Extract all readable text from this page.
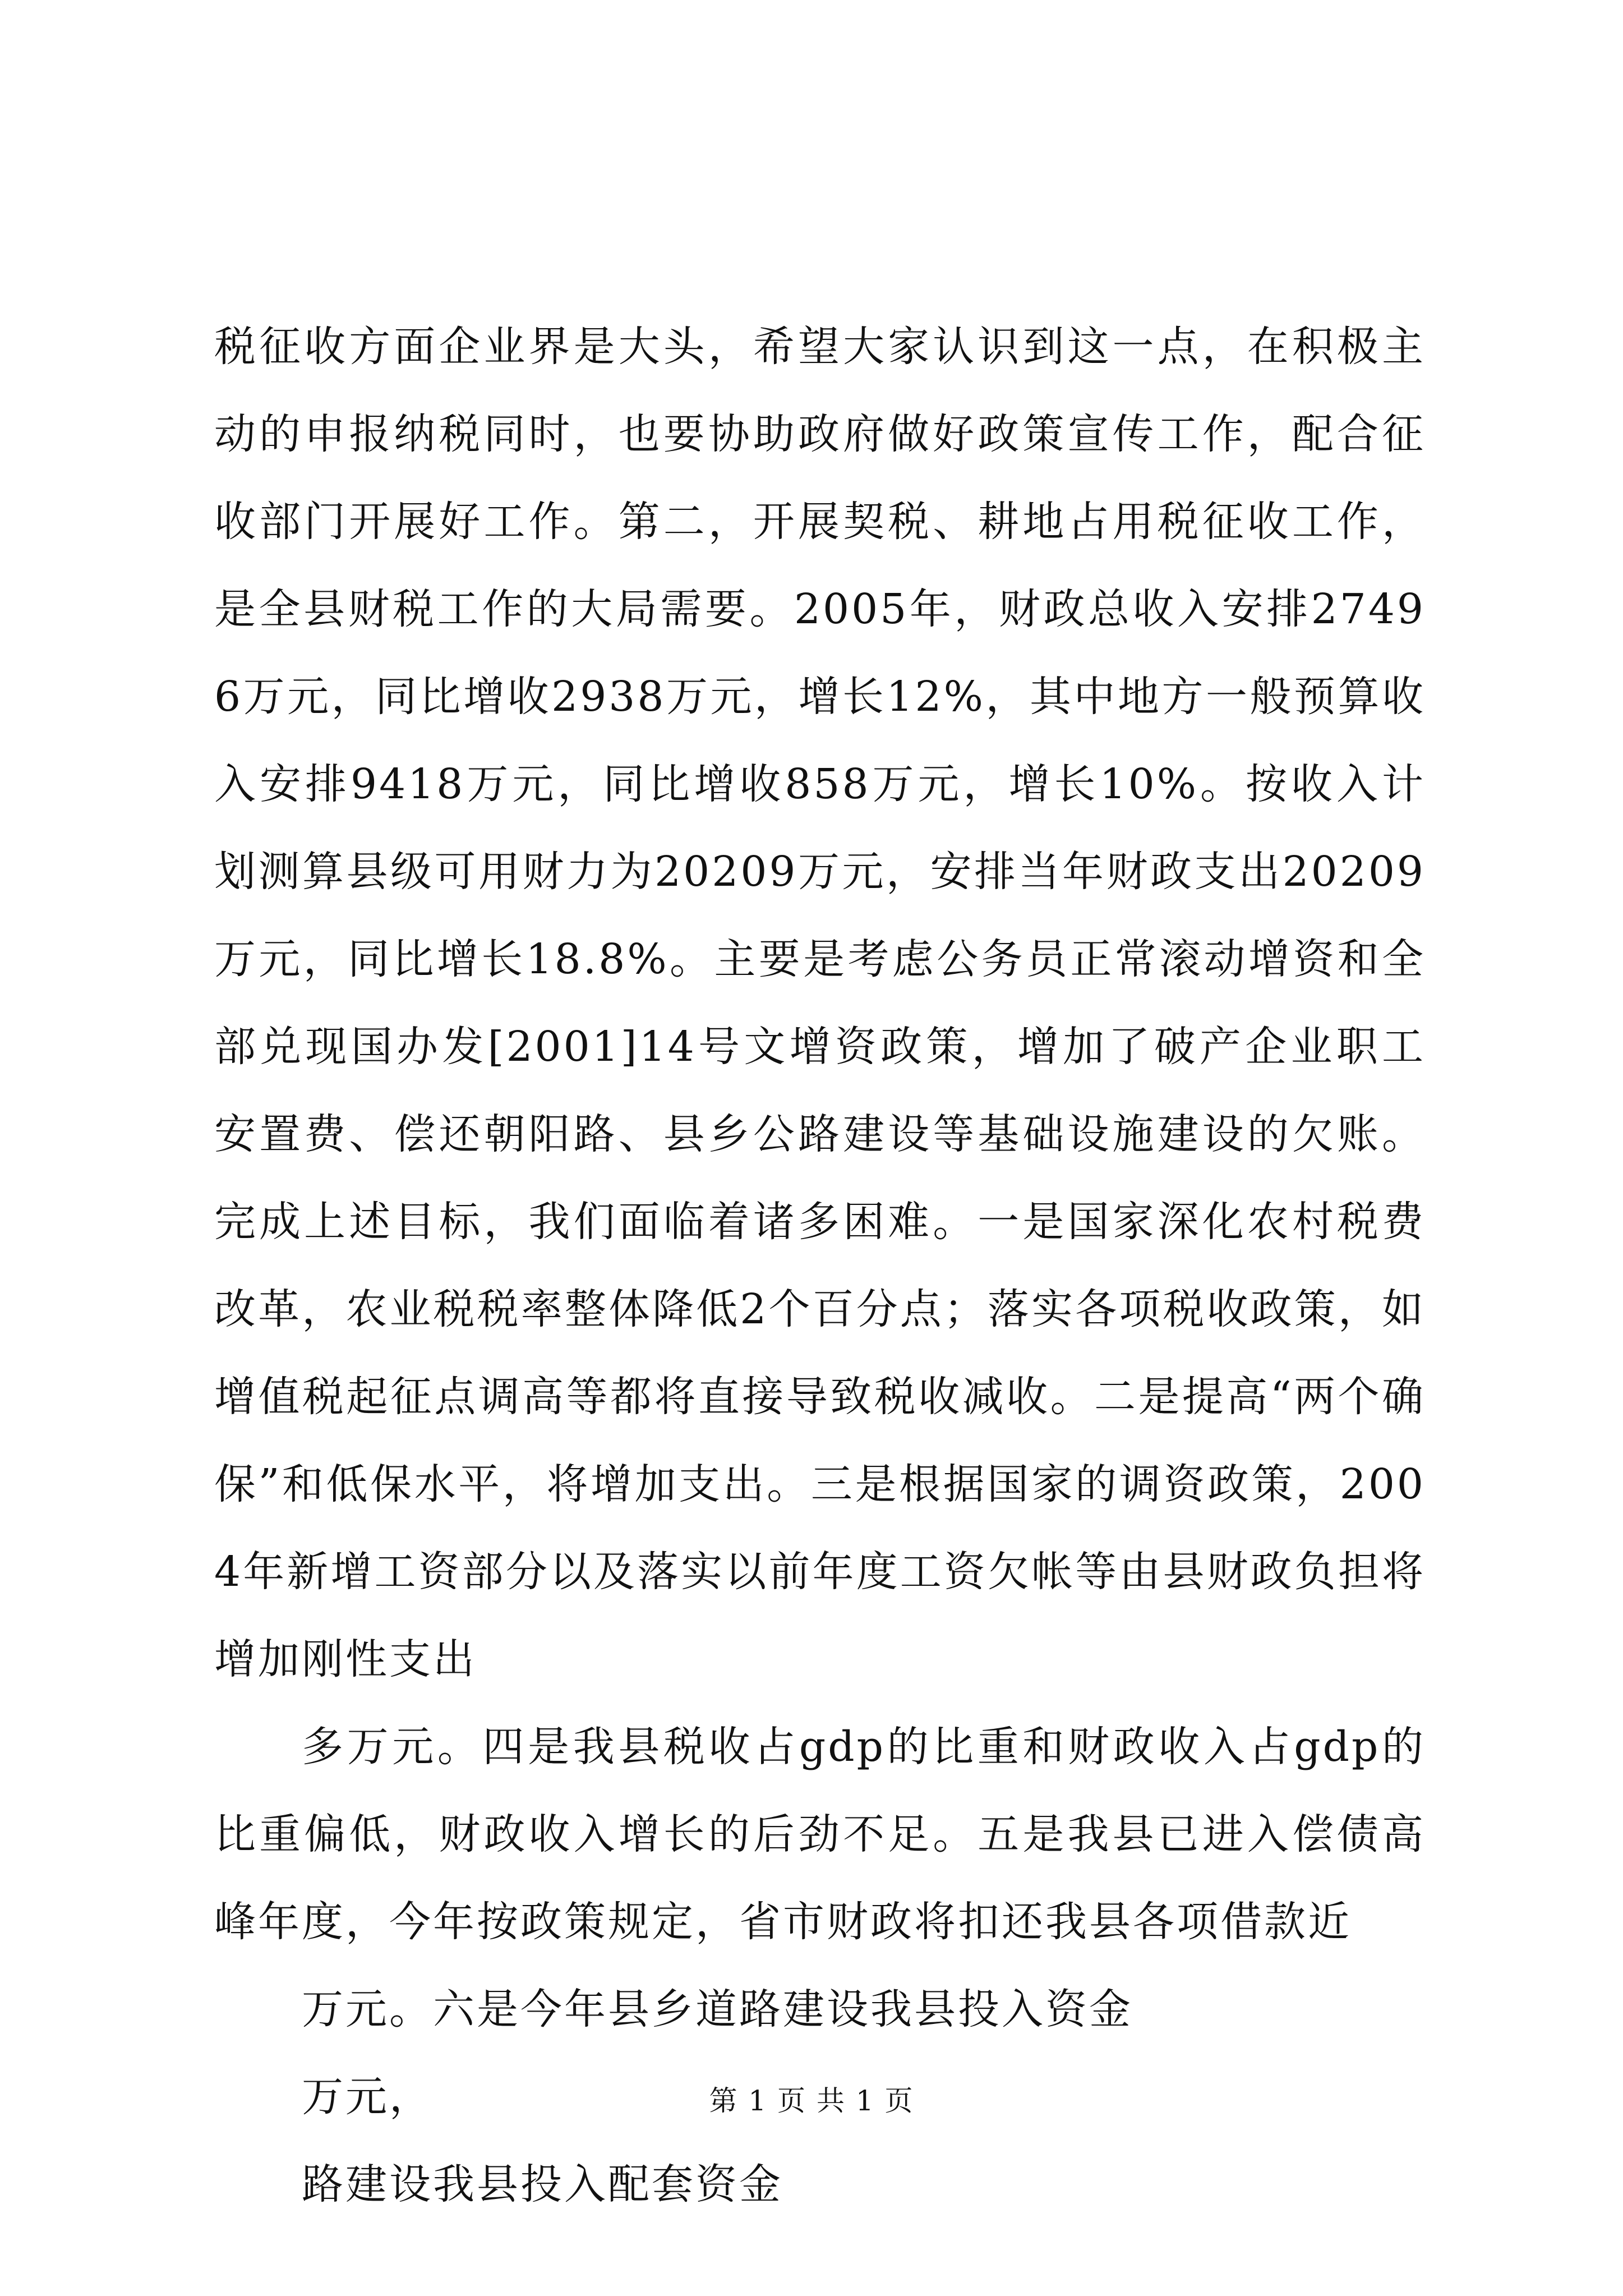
税征收方面企业界是大头，希望大家认识到这一点，在积极主动的申报纳税同时，也要协助政府做好政策宣传工作，配合征收部门开展好工作。第二，开展契税、耕地占用税征收工作，是全县财税工作的大局需要。2005年，财政总收入安排27496万元，同比增收2938万元，增长12%，其中地方一般预算收入安排9418万元，同比增收858万元，增长10%。按收入计划测算县级可用财力为20209万元，安排当年财政支出20209万元，同比增长18.8%。主要是考虑公务员正常滚动增资和全部兑现国办发[2001]14号文增资政策，增加了破产企业职工安置费、偿还朝阳路、县乡公路建设等基础设施建设的欠账。完成上述目标，我们面临着诸多困难。一是国家深化农村税费改革，农业税税率整体降低2个百分点；落实各项税收政策，如增值税起征点调高等都将直接导致税收减收。二是提高“两个确保”和低保水平，将增加支出。三是根据国家的调资政策，2004年新增工资部分以及落实以前年度工资欠帐等由县财政负担将增加刚性支出

多万元。四是我县税收占gdp的比重和财政收入占gdp的比重偏低，财政收入增长的后劲不足。五是我县已进入偿债高峰年度，今年按政策规定，省市财政将扣还我县各项借款近

万元。六是今年县乡道路建设我县投入资金

万元，

路建设我县投入配套资金

第 1 页 共 1 页
